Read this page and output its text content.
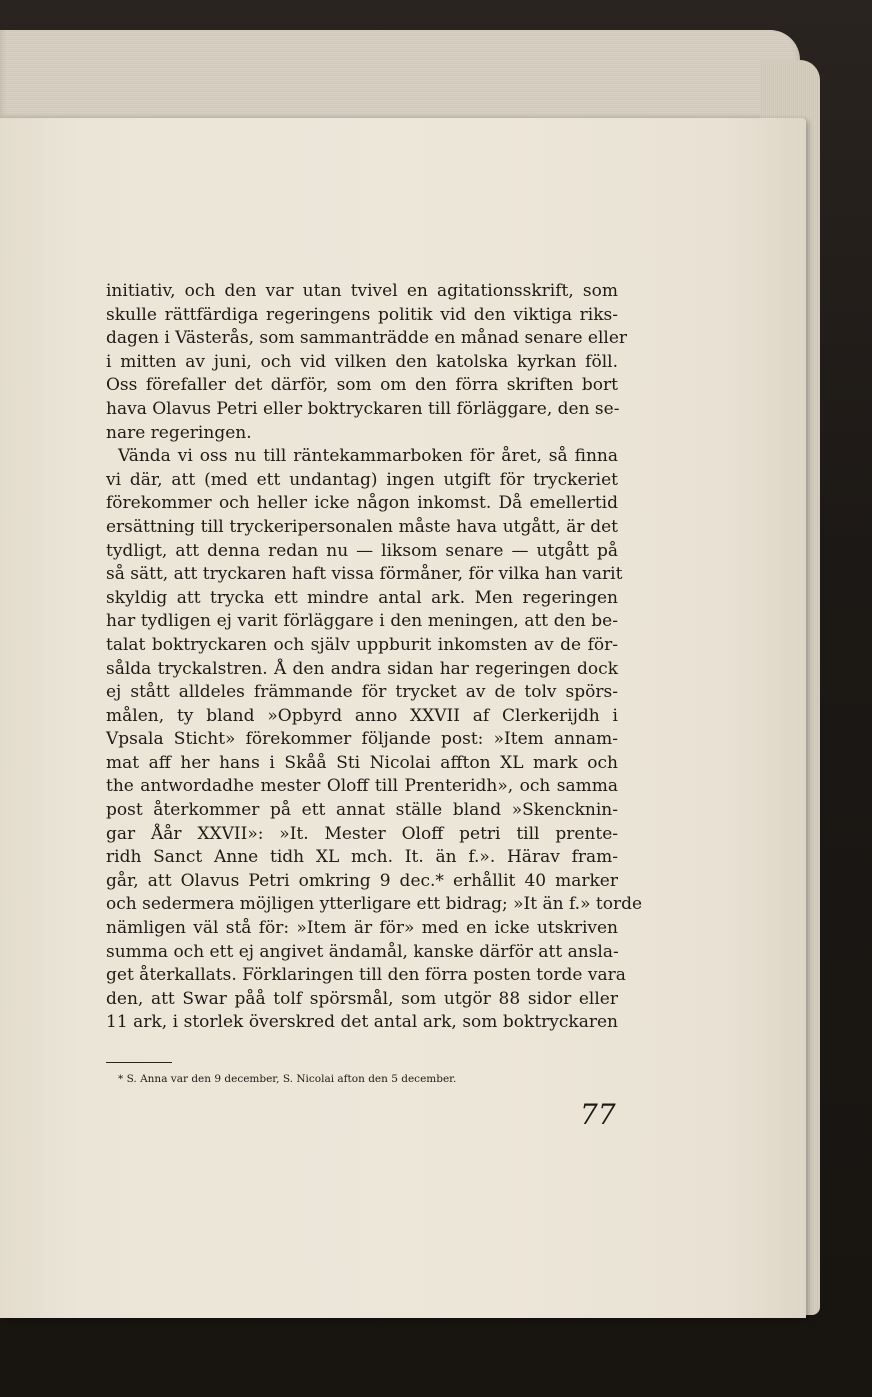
initiativ, och den var utan tvivel en agitationsskrift, som
skulle rättfärdiga regeringens politik vid den viktiga riks-
dagen i Västerås, som sammanträdde en månad senare eller
i mitten av juni, och vid vilken den katolska kyrkan föll.
Oss förefaller det därför, som om den förra skriften bort
hava Olavus Petri eller boktryckaren till förläggare, den se-
nare regeringen.
Vända vi oss nu till räntekammarboken för året, så finna
vi där, att (med ett undantag) ingen utgift för tryckeriet
förekommer och heller icke någon inkomst. Då emellertid
ersättning till tryckeripersonalen måste hava utgått, är det
tydligt, att denna redan nu — liksom senare — utgått på
så sätt, att tryckaren haft vissa förmåner, för vilka han varit
skyldig att trycka ett mindre antal ark. Men regeringen
har tydligen ej varit förläggare i den meningen, att den be-
talat boktryckaren och själv uppburit inkomsten av de för-
sålda tryckalstren. Å den andra sidan har regeringen dock
ej stått alldeles främmande för trycket av de tolv spörs-
målen, ty bland »Opbyrd anno XXVII af Clerkerijdh i
Vpsala Sticht» förekommer följande post: »Item annam-
mat aff her hans i Skåå Sti Nicolai affton XL mark och
the antwordadhe mester Oloff till Prenteridh», och samma
post återkommer på ett annat ställe bland »Skencknin-
gar Åår XXVII»: »It. Mester Oloff petri till prente-
ridh Sanct Anne tidh XL mch. It. än f.». Härav fram-
går, att Olavus Petri omkring 9 dec.* erhållit 40 marker
och sedermera möjligen ytterligare ett bidrag; »It än f.» torde
nämligen väl stå för: »Item är för» med en icke utskriven
summa och ett ej angivet ändamål, kanske därför att ansla-
get återkallats. Förklaringen till den förra posten torde vara
den, att Swar påå tolf spörsmål, som utgör 88 sidor eller
11 ark, i storlek överskred det antal ark, som boktryckaren
* S. Anna var den 9 december, S. Nicolai afton den 5 december.
77
